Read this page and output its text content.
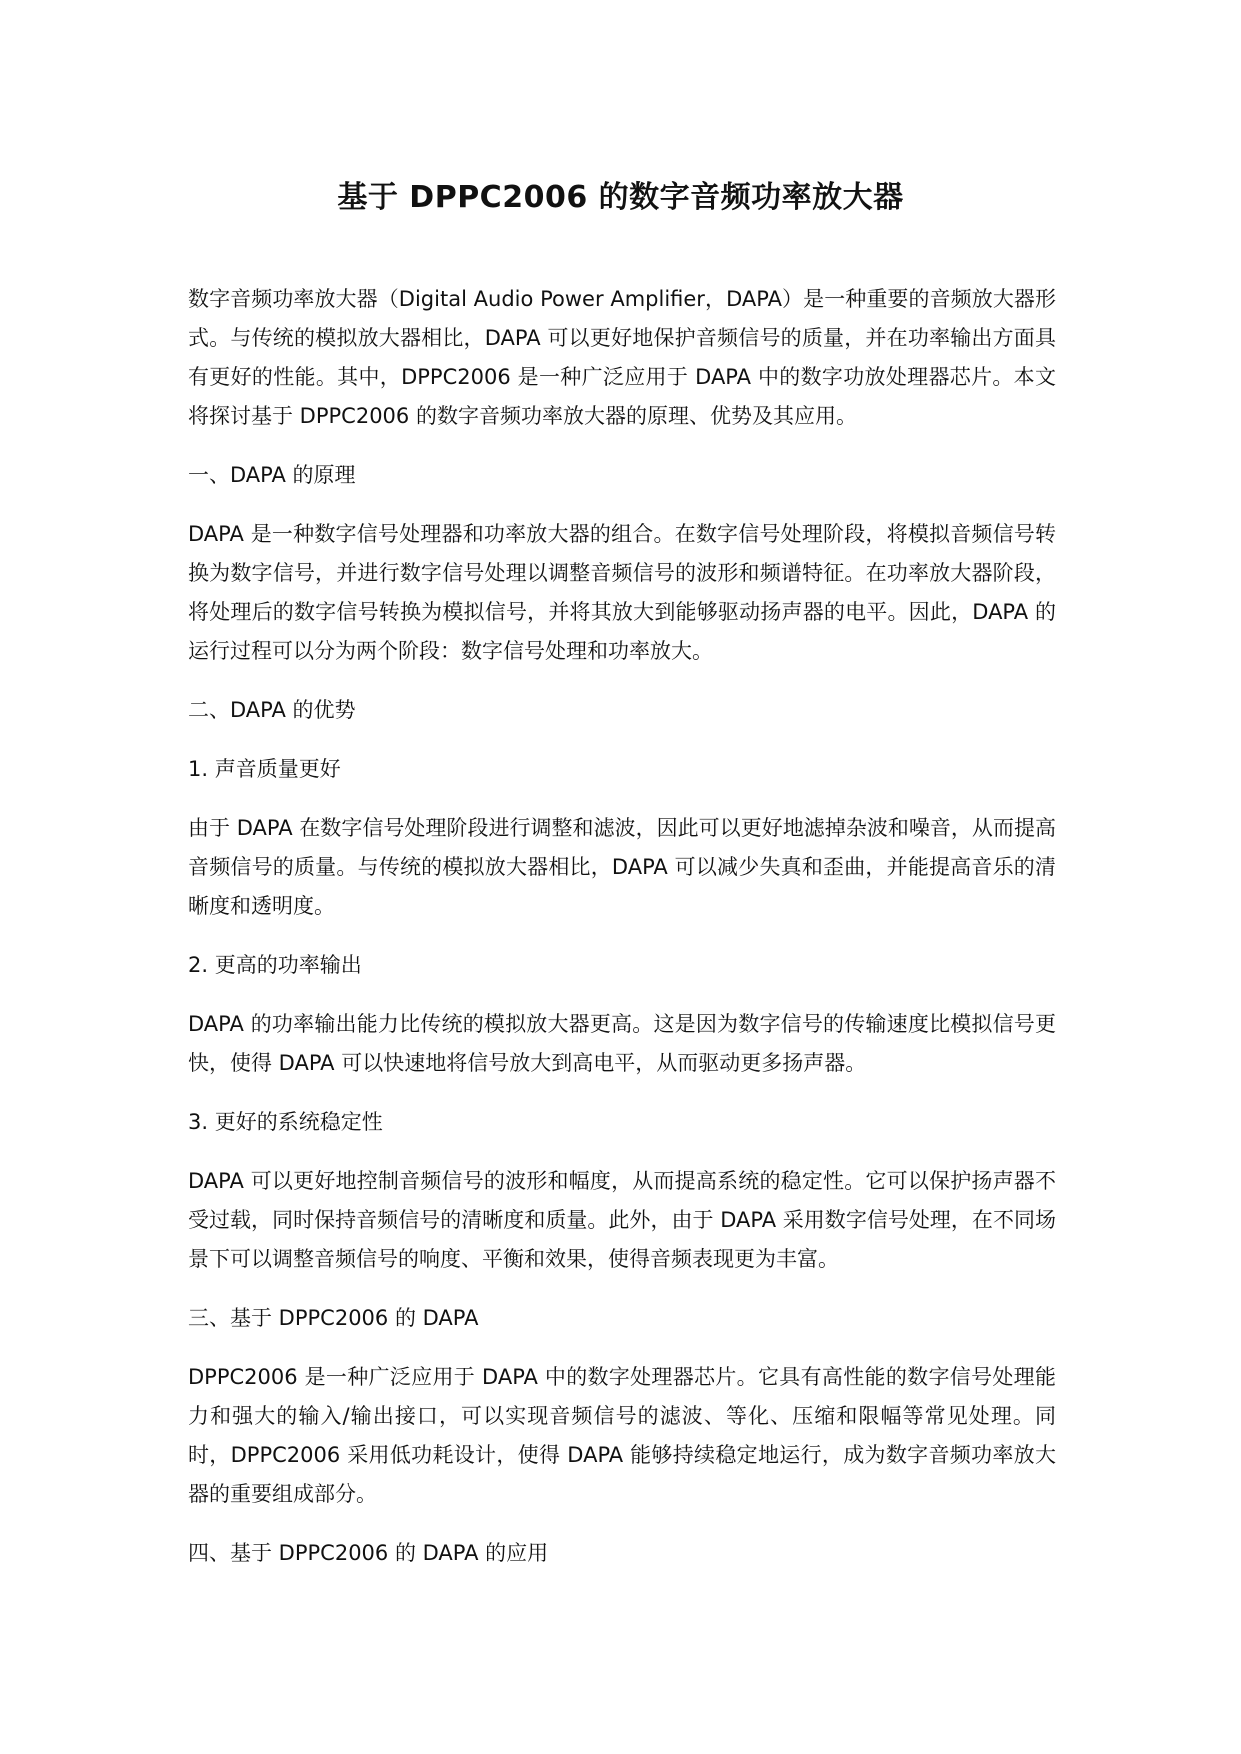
基于 DPPC2006 的数字音频功率放大器

数字音频功率放大器（Digital Audio Power Amplifier，DAPA）是一种重要的音频放大器形式。与传统的模拟放大器相比，DAPA 可以更好地保护音频信号的质量，并在功率输出方面具有更好的性能。其中，DPPC2006 是一种广泛应用于 DAPA 中的数字功放处理器芯片。本文将探讨基于 DPPC2006 的数字音频功率放大器的原理、优势及其应用。

一、DAPA 的原理

DAPA 是一种数字信号处理器和功率放大器的组合。在数字信号处理阶段，将模拟音频信号转换为数字信号，并进行数字信号处理以调整音频信号的波形和频谱特征。在功率放大器阶段，将处理后的数字信号转换为模拟信号，并将其放大到能够驱动扬声器的电平。因此，DAPA 的运行过程可以分为两个阶段：数字信号处理和功率放大。

二、DAPA 的优势

1. 声音质量更好

由于 DAPA 在数字信号处理阶段进行调整和滤波，因此可以更好地滤掉杂波和噪音，从而提高音频信号的质量。与传统的模拟放大器相比，DAPA 可以减少失真和歪曲，并能提高音乐的清晰度和透明度。

2. 更高的功率输出

DAPA 的功率输出能力比传统的模拟放大器更高。这是因为数字信号的传输速度比模拟信号更快，使得 DAPA 可以快速地将信号放大到高电平，从而驱动更多扬声器。

3. 更好的系统稳定性

DAPA 可以更好地控制音频信号的波形和幅度，从而提高系统的稳定性。它可以保护扬声器不受过载，同时保持音频信号的清晰度和质量。此外，由于 DAPA 采用数字信号处理，在不同场景下可以调整音频信号的响度、平衡和效果，使得音频表现更为丰富。

三、基于 DPPC2006 的 DAPA

DPPC2006 是一种广泛应用于 DAPA 中的数字处理器芯片。它具有高性能的数字信号处理能力和强大的输入/输出接口，可以实现音频信号的滤波、等化、压缩和限幅等常见处理。同时，DPPC2006 采用低功耗设计，使得 DAPA 能够持续稳定地运行，成为数字音频功率放大器的重要组成部分。

四、基于 DPPC2006 的 DAPA 的应用
